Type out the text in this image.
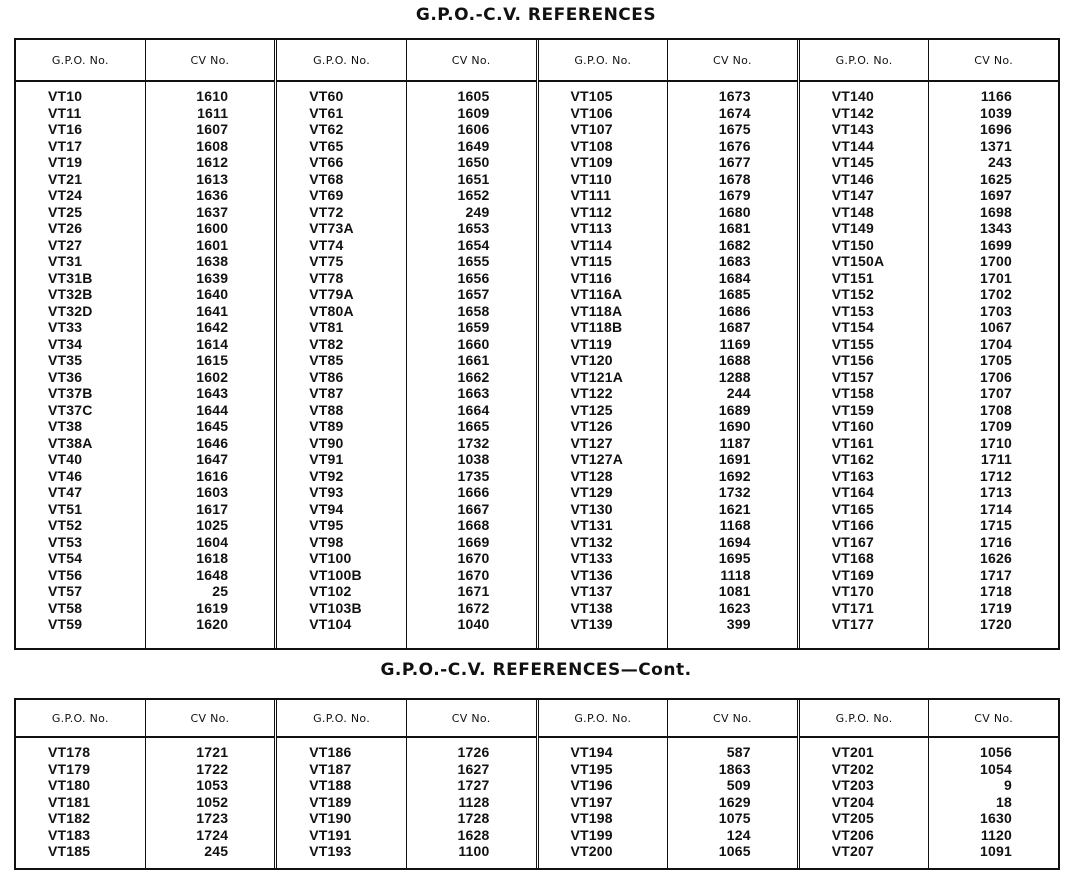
G.P.O.-C.V. REFERENCES
G.P.O. No.
VT10
VT11
VT16
VT17
VT19
VT21
VT24
VT25
VT26
VT27
VT31
VT31B
VT32B
VT32D
VT33
VT34
VT35
VT36
VT37B
VT37C
VT38
VT38A
VT40
VT46
VT47
VT51
VT52
VT53
VT54
VT56
VT57
VT58
VT59
CV No.
1610
1611
1607
1608
1612
1613
1636
1637
1600
1601
1638
1639
1640
1641
1642
1614
1615
1602
1643
1644
1645
1646
1647
1616
1603
1617
1025
1604
1618
1648
25
1619
1620
G.P.O. No.
VT60
VT61
VT62
VT65
VT66
VT68
VT69
VT72
VT73A
VT74
VT75
VT78
VT79A
VT80A
VT81
VT82
VT85
VT86
VT87
VT88
VT89
VT90
VT91
VT92
VT93
VT94
VT95
VT98
VT100
VT100B
VT102
VT103B
VT104
CV No.
1605
1609
1606
1649
1650
1651
1652
249
1653
1654
1655
1656
1657
1658
1659
1660
1661
1662
1663
1664
1665
1732
1038
1735
1666
1667
1668
1669
1670
1670
1671
1672
1040
G.P.O. No.
VT105
VT106
VT107
VT108
VT109
VT110
VT111
VT112
VT113
VT114
VT115
VT116
VT116A
VT118A
VT118B
VT119
VT120
VT121A
VT122
VT125
VT126
VT127
VT127A
VT128
VT129
VT130
VT131
VT132
VT133
VT136
VT137
VT138
VT139
CV No.
1673
1674
1675
1676
1677
1678
1679
1680
1681
1682
1683
1684
1685
1686
1687
1169
1688
1288
244
1689
1690
1187
1691
1692
1732
1621
1168
1694
1695
1118
1081
1623
399
G.P.O. No.
VT140
VT142
VT143
VT144
VT145
VT146
VT147
VT148
VT149
VT150
VT150A
VT151
VT152
VT153
VT154
VT155
VT156
VT157
VT158
VT159
VT160
VT161
VT162
VT163
VT164
VT165
VT166
VT167
VT168
VT169
VT170
VT171
VT177
CV No.
1166
1039
1696
1371
243
1625
1697
1698
1343
1699
1700
1701
1702
1703
1067
1704
1705
1706
1707
1708
1709
1710
1711
1712
1713
1714
1715
1716
1626
1717
1718
1719
1720
G.P.O.-C.V. REFERENCES—Cont.
G.P.O. No.
VT178
VT179
VT180
VT181
VT182
VT183
VT185
CV No.
1721
1722
1053
1052
1723
1724
245
G.P.O. No.
VT186
VT187
VT188
VT189
VT190
VT191
VT193
CV No.
1726
1627
1727
1128
1728
1628
1100
G.P.O. No.
VT194
VT195
VT196
VT197
VT198
VT199
VT200
CV No.
587
1863
509
1629
1075
124
1065
G.P.O. No.
VT201
VT202
VT203
VT204
VT205
VT206
VT207
CV No.
1056
1054
9
18
1630
1120
1091
